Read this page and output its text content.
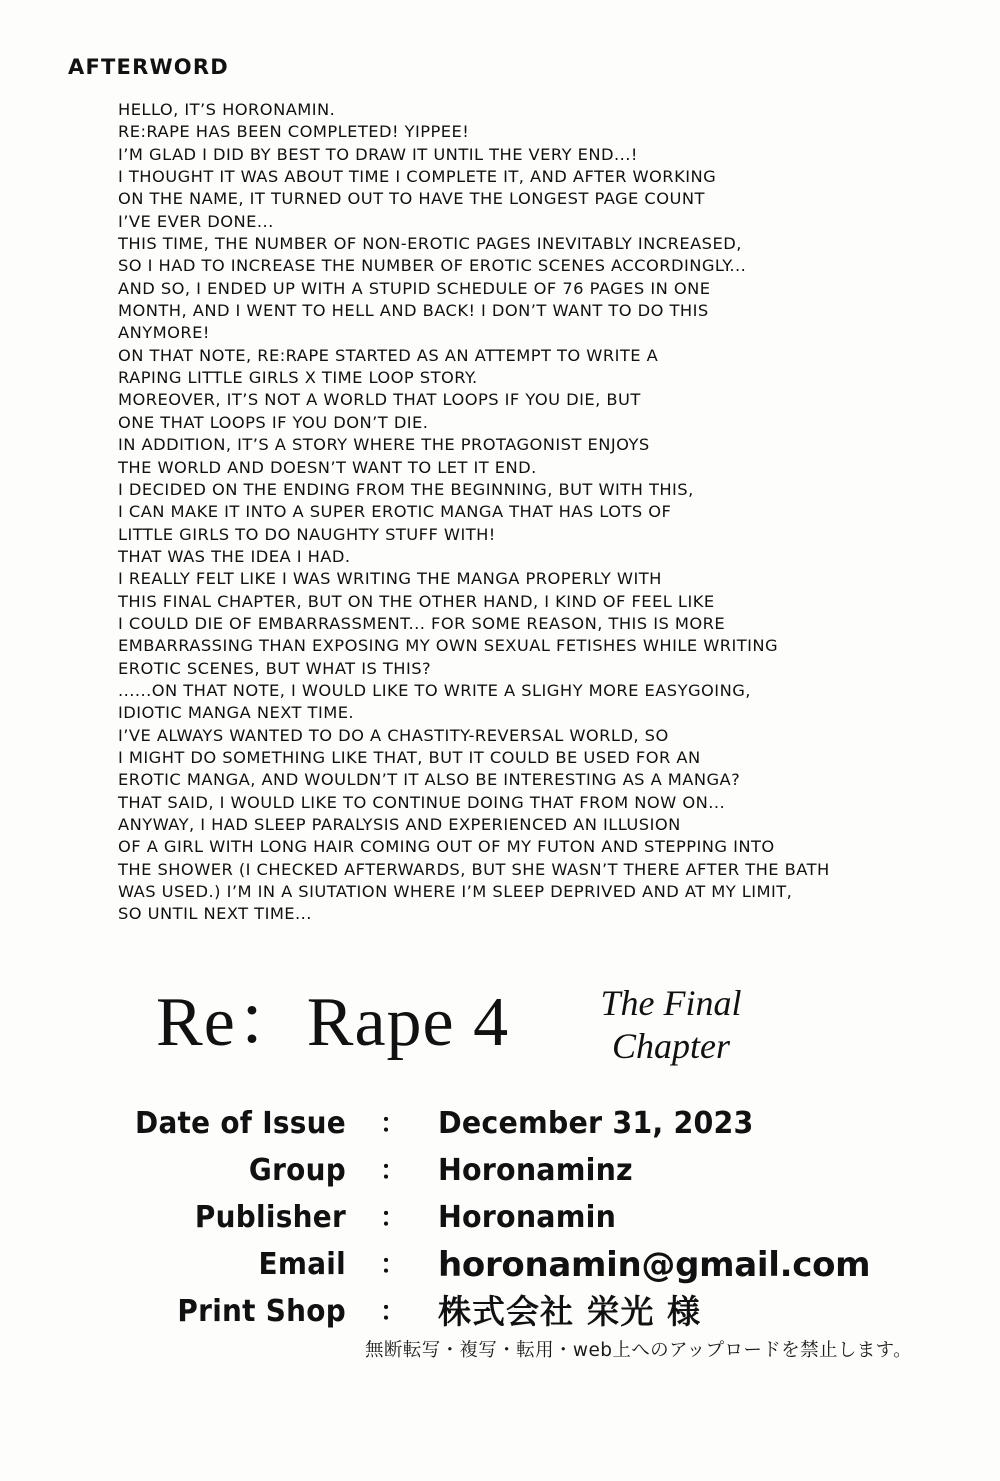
AFTERWORD
HELLO, IT’S HORONAMIN.
RE:RAPE HAS BEEN COMPLETED! YIPPEE!
I’M GLAD I DID BY BEST TO DRAW IT UNTIL THE VERY END...!
I THOUGHT IT WAS ABOUT TIME I COMPLETE IT, AND AFTER WORKING
ON THE NAME, IT TURNED OUT TO HAVE THE LONGEST PAGE COUNT
I’VE EVER DONE...
THIS TIME, THE NUMBER OF NON-EROTIC PAGES INEVITABLY INCREASED,
SO I HAD TO INCREASE THE NUMBER OF EROTIC SCENES ACCORDINGLY...
AND SO, I ENDED UP WITH A STUPID SCHEDULE OF 76 PAGES IN ONE
MONTH, AND I WENT TO HELL AND BACK! I DON’T WANT TO DO THIS
ANYMORE!
ON THAT NOTE, RE:RAPE STARTED AS AN ATTEMPT TO WRITE A
RAPING LITTLE GIRLS X TIME LOOP STORY.
MOREOVER, IT’S NOT A WORLD THAT LOOPS IF YOU DIE, BUT
ONE THAT LOOPS IF YOU DON’T DIE.
IN ADDITION, IT’S A STORY WHERE THE PROTAGONIST ENJOYS
THE WORLD AND DOESN’T WANT TO LET IT END.
I DECIDED ON THE ENDING FROM THE BEGINNING, BUT WITH THIS,
I CAN MAKE IT INTO A SUPER EROTIC MANGA THAT HAS LOTS OF
LITTLE GIRLS TO DO NAUGHTY STUFF WITH!
THAT WAS THE IDEA I HAD.
I REALLY FELT LIKE I WAS WRITING THE MANGA PROPERLY WITH
THIS FINAL CHAPTER, BUT ON THE OTHER HAND, I KIND OF FEEL LIKE
I COULD DIE OF EMBARRASSMENT... FOR SOME REASON, THIS IS MORE
EMBARRASSING THAN EXPOSING MY OWN SEXUAL FETISHES WHILE WRITING
EROTIC SCENES, BUT WHAT IS THIS?
......ON THAT NOTE, I WOULD LIKE TO WRITE A SLIGHY MORE EASYGOING,
IDIOTIC MANGA NEXT TIME.
I’VE ALWAYS WANTED TO DO A CHASTITY-REVERSAL WORLD, SO
I MIGHT DO SOMETHING LIKE THAT, BUT IT COULD BE USED FOR AN
EROTIC MANGA, AND WOULDN’T IT ALSO BE INTERESTING AS A MANGA?
THAT SAID, I WOULD LIKE TO CONTINUE DOING THAT FROM NOW ON...
ANYWAY, I HAD SLEEP PARALYSIS AND EXPERIENCED AN ILLUSION
OF A GIRL WITH LONG HAIR COMING OUT OF MY FUTON AND STEPPING INTO
THE SHOWER (I CHECKED AFTERWARDS, BUT SHE WASN’T THERE AFTER THE BATH
WAS USED.) I’M IN A SIUTATION WHERE I’M SLEEP DEPRIVED AND AT MY LIMIT,
SO UNTIL NEXT TIME...
Re：Rape 4	The Final
Chapter
Date of Issue ： December 31, 2023
Group ： Horonaminz
Publisher ： Horonamin
Email ： horonamin@gmail.com
Print Shop ： 株式会社 栄光 様
無断転写・複写・転用・web上へのアップロードを禁止します。
